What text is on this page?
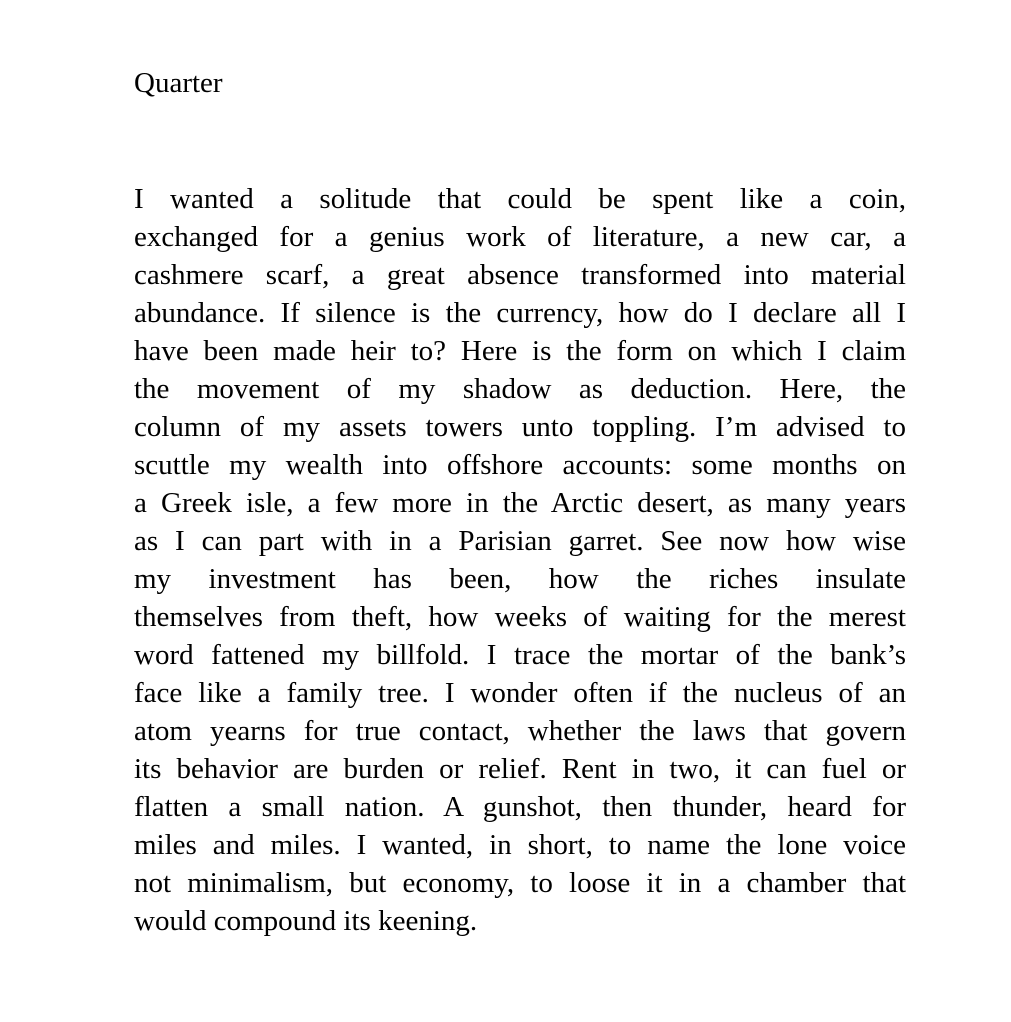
Quarter
I wanted a solitude that could be spent like a coin,
exchanged for a genius work of literature, a new car, a
cashmere scarf, a great absence transformed into material
abundance. If silence is the currency, how do I declare all I
have been made heir to? Here is the form on which I claim
the movement of my shadow as deduction. Here, the
column of my assets towers unto toppling. I’m advised to
scuttle my wealth into offshore accounts: some months on
a Greek isle, a few more in the Arctic desert, as many years
as I can part with in a Parisian garret. See now how wise
my investment has been, how the riches insulate
themselves from theft, how weeks of waiting for the merest
word fattened my billfold. I trace the mortar of the bank’s
face like a family tree. I wonder often if the nucleus of an
atom yearns for true contact, whether the laws that govern
its behavior are burden or relief. Rent in two, it can fuel or
flatten a small nation. A gunshot, then thunder, heard for
miles and miles. I wanted, in short, to name the lone voice
not minimalism, but economy, to loose it in a chamber that
would compound its keening.
